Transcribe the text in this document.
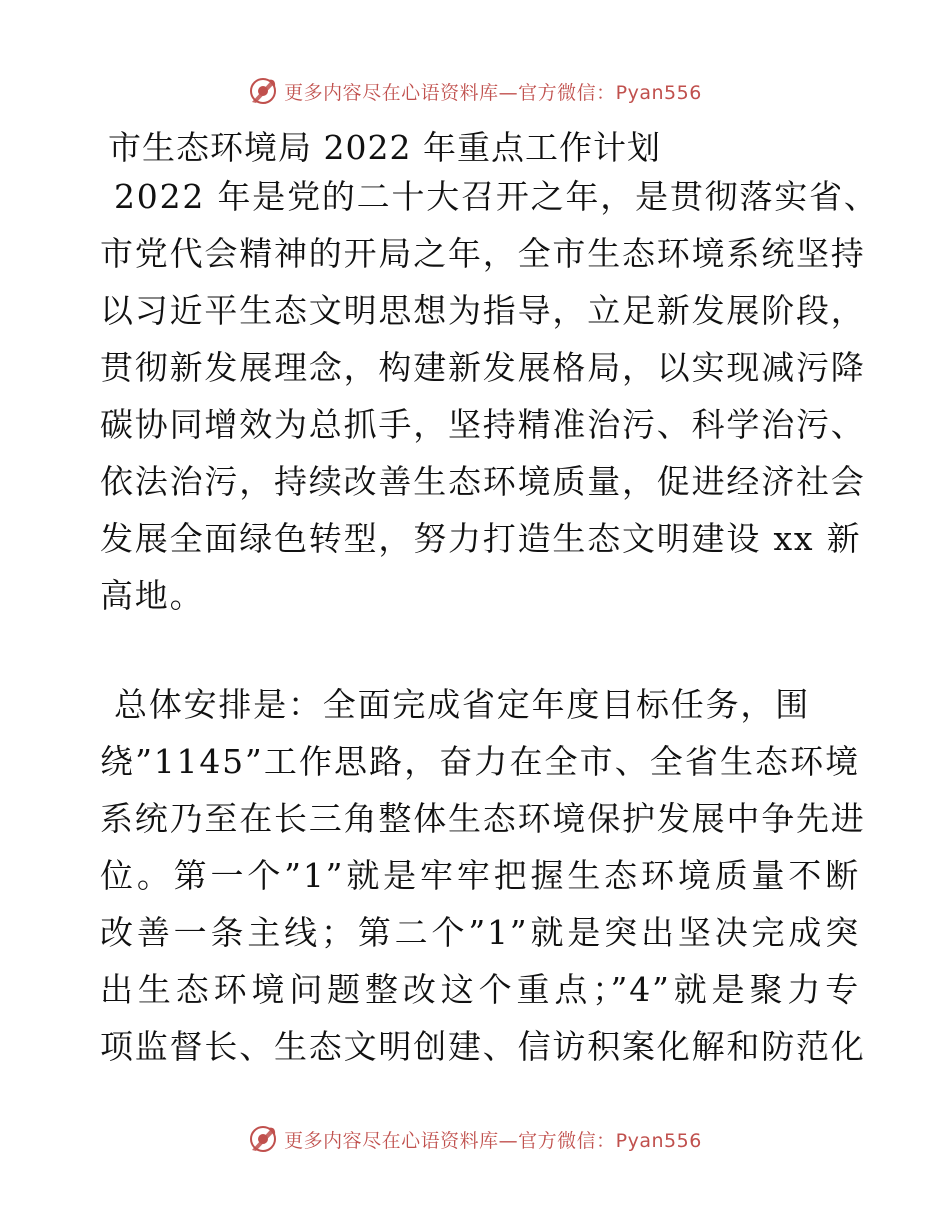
更多内容尽在心语资料库—官方微信：Pyan556
市生态环境局 2022 年重点工作计划
2022 年是党的二十大召开之年，是贯彻落实省、
市党代会精神的开局之年，全市生态环境系统坚持
以习近平生态文明思想为指导，立足新发展阶段，
贯彻新发展理念，构建新发展格局，以实现减污降
碳协同增效为总抓手，坚持精准治污、科学治污、
依法治污，持续改善生态环境质量，促进经济社会
发展全面绿色转型，努力打造生态文明建设 xx 新
高地。
总体安排是：全面完成省定年度目标任务，围
绕”1145”工作思路，奋力在全市、全省生态环境
系统乃至在长三角整体生态环境保护发展中争先进
位。第一个”1”就是牢牢把握生态环境质量不断
改善一条主线；第二个”1”就是突出坚决完成突
出生态环境问题整改这个重点；”4”就是聚力专
项监督长、生态文明创建、信访积案化解和防范化
更多内容尽在心语资料库—官方微信：Pyan556
